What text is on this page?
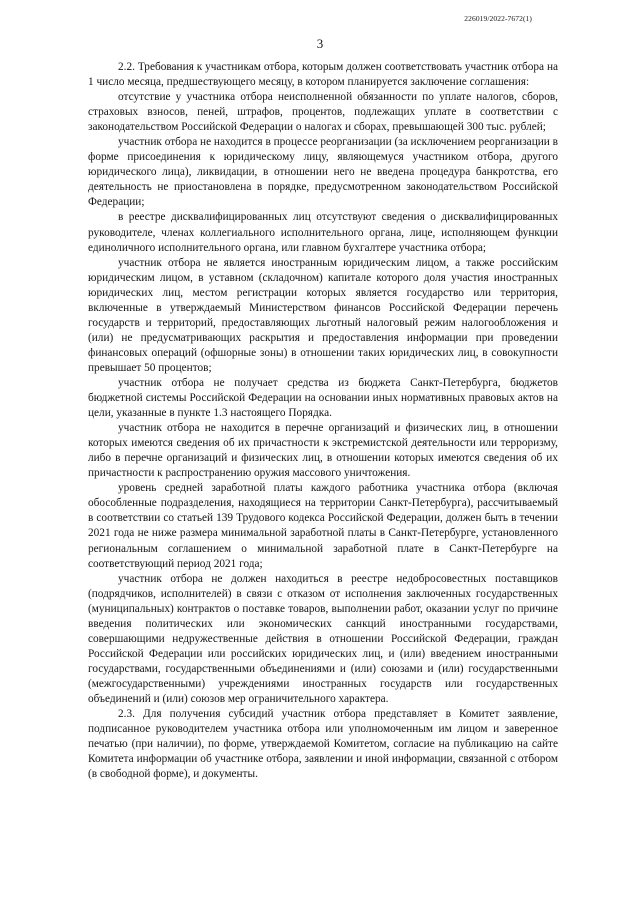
226019/2022-7672(1)
3

2.2. Требования к участникам отбора, которым должен соответствовать участник отбора на 1 число месяца, предшествующего месяцу, в котором планируется заключение соглашения:

отсутствие у участника отбора неисполненной обязанности по уплате налогов, сборов, страховых взносов, пеней, штрафов, процентов, подлежащих уплате в соответствии с законодательством Российской Федерации о налогах и сборах, превышающей 300 тыс. рублей;

участник отбора не находится в процессе реорганизации (за исключением реорганизации в форме присоединения к юридическому лицу, являющемуся участником отбора, другого юридического лица), ликвидации, в отношении него не введена процедура банкротства, его деятельность не приостановлена в порядке, предусмотренном законодательством Российской Федерации;

в реестре дисквалифицированных лиц отсутствуют сведения о дисквалифицированных руководителе, членах коллегиального исполнительного органа, лице, исполняющем функции единоличного исполнительного органа, или главном бухгалтере участника отбора;

участник отбора не является иностранным юридическим лицом, а также российским юридическим лицом, в уставном (складочном) капитале которого доля участия иностранных юридических лиц, местом регистрации которых является государство или территория, включенные в утверждаемый Министерством финансов Российской Федерации перечень государств и территорий, предоставляющих льготный налоговый режим налогообложения и (или) не предусматривающих раскрытия и предоставления информации при проведении финансовых операций (офшорные зоны) в отношении таких юридических лиц, в совокупности превышает 50 процентов;

участник отбора не получает средства из бюджета Санкт-Петербурга, бюджетов бюджетной системы Российской Федерации на основании иных нормативных правовых актов на цели, указанные в пункте 1.3 настоящего Порядка.

участник отбора не находится в перечне организаций и физических лиц, в отношении которых имеются сведения об их причастности к экстремистской деятельности или терроризму, либо в перечне организаций и физических лиц, в отношении которых имеются сведения об их причастности к распространению оружия массового уничтожения.

уровень средней заработной платы каждого работника участника отбора (включая обособленные подразделения, находящиеся на территории Санкт-Петербурга), рассчитываемый в соответствии со статьей 139 Трудового кодекса Российской Федерации, должен быть в течении 2021 года не ниже размера минимальной заработной платы в Санкт-Петербурге, установленного региональным соглашением о минимальной заработной плате в Санкт-Петербурге на соответствующий период 2021 года;

участник отбора не должен находиться в реестре недобросовестных поставщиков (подрядчиков, исполнителей) в связи с отказом от исполнения заключенных государственных (муниципальных) контрактов о поставке товаров, выполнении работ, оказании услуг по причине введения политических или экономических санкций иностранными государствами, совершающими недружественные действия в отношении Российской Федерации, граждан Российской Федерации или российских юридических лиц, и (или) введением иностранными государствами, государственными объединениями и (или) союзами и (или) государственными (межгосударственными) учреждениями иностранных государств или государственных объединений и (или) союзов мер ограничительного характера.

2.3. Для получения субсидий участник отбора представляет в Комитет заявление, подписанное руководителем участника отбора или уполномоченным им лицом и заверенное печатью (при наличии), по форме, утверждаемой Комитетом, согласие на публикацию на сайте Комитета информации об участнике отбора, заявлении и иной информации, связанной с отбором (в свободной форме), и документы.
